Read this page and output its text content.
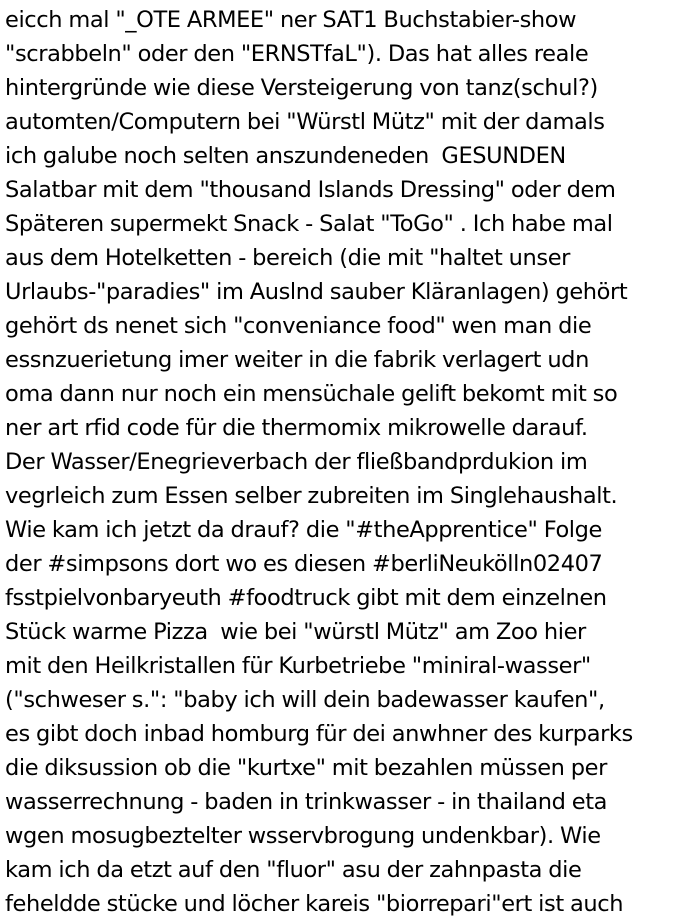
eicch mal "_OTE ARMEE" ner SAT1 Buchstabier-show
"scrabbeln" oder den "ERNSTfaL"). Das hat alles reale
hintergründe wie diese Versteigerung von tanz(schul?)
automten/Computern bei "Würstl Mütz" mit der damals
ich galube noch selten anszundeneden  GESUNDEN
Salatbar mit dem "thousand Islands Dressing" oder dem
Späteren supermekt Snack - Salat "ToGo" . Ich habe mal
aus dem Hotelketten - bereich (die mit "haltet unser
Urlaubs-"paradies" im Auslnd sauber Kläranlagen) gehört
gehört ds nenet sich "conveniance food" wen man die
essnzuerietung imer weiter in die fabrik verlagert udn
oma dann nur noch ein mensüchale gelift bekomt mit so
ner art rfid code für die thermomix mikrowelle darauf.
Der Wasser/Enegrieverbach der fließbandprdukion im
vegrleich zum Essen selber zubreiten im Singlehaushalt.
Wie kam ich jetzt da drauf? die "#theApprentice" Folge
der #simpsons dort wo es diesen #berliNeukölln02407
fsstpielvonbaryeuth #foodtruck gibt mit dem einzelnen
Stück warme Pizza  wie bei "würstl Mütz" am Zoo hier
mit den Heilkristallen für Kurbetriebe "miniral-wasser"
("schweser s.": "baby ich will dein badewasser kaufen",
es gibt doch inbad homburg für dei anwhner des kurparks
die diksussion ob die "kurtxe" mit bezahlen müssen per
wasserrechnung - baden in trinkwasser - in thailand eta
wgen mosugbeztelter wsservbrogung undenkbar). Wie
kam ich da etzt auf den "fluor" asu der zahnpasta die
feheldde stücke und löcher kareis "biorrepari"ert ist auch
